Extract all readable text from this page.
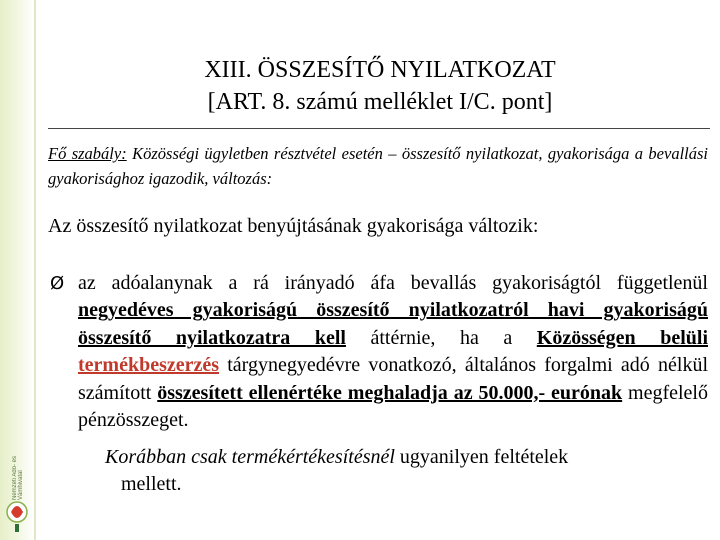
Nemzeti Adó- és Vámhivatal
XIII. ÖSSZESÍTŐ NYILATKOZAT
[ART. 8. számú melléklet I/C. pont]
Fő szabály: Közösségi ügyletben résztvétel esetén – összesítő nyilatkozat, gyakorisága a bevallási gyakorisághoz igazodik, változás:
Az összesítő nyilatkozat benyújtásának gyakorisága változik:
Ø az adóalanynak a rá irányadó áfa bevallás gyakoriságtól függetlenül negyedéves gyakoriságú összesítő nyilatkozatról havi gyakoriságú összesítő nyilatkozatra kell áttérnie, ha a Közösségen belüli termékbeszerzés tárgynegyedévre vonatkozó, általános forgalmi adó nélkül számított összesített ellenértéke meghaladja az 50.000,- eurónak megfelelő pénzösszeget.
Korábban csak termékértékesítésnél ugyanilyen feltételek
mellett.
